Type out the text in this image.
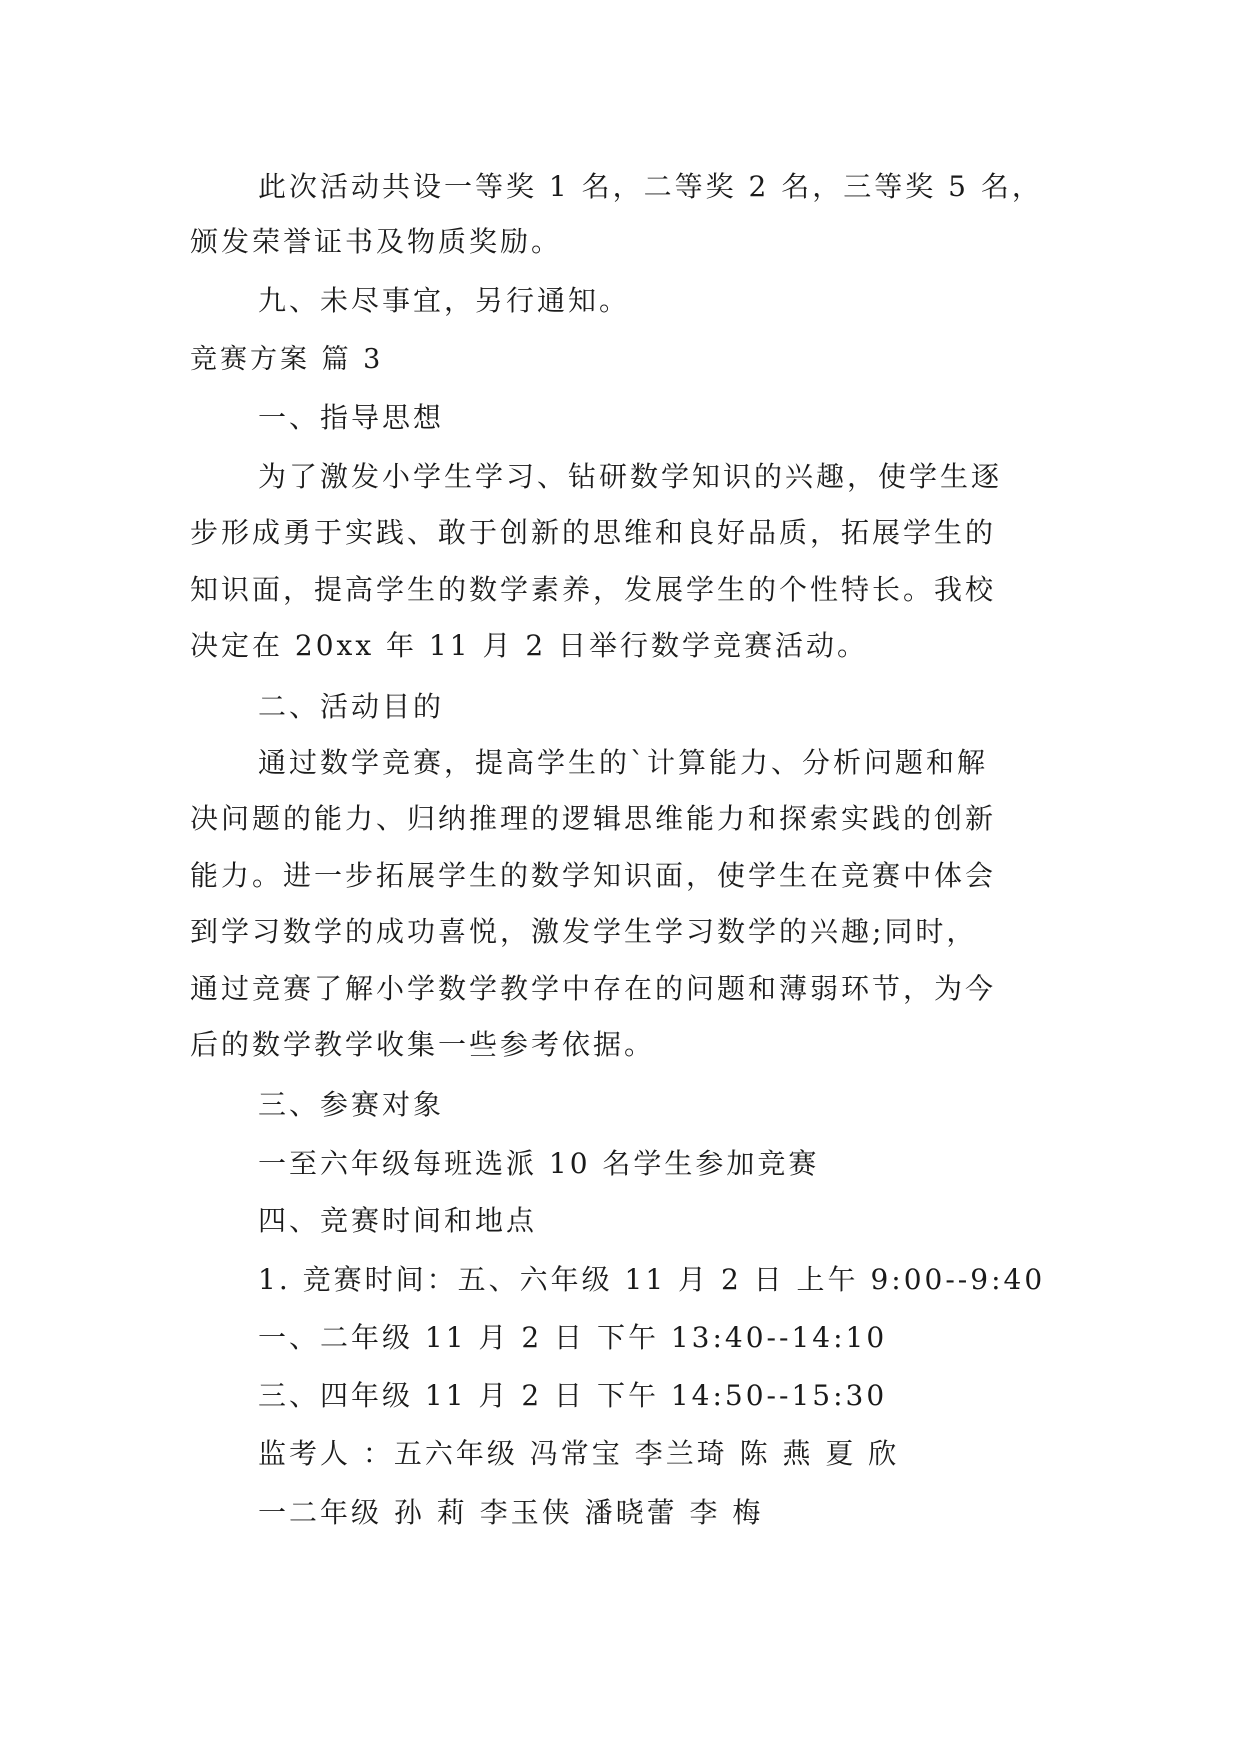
此次活动共设一等奖 1 名，二等奖 2 名，三等奖 5 名，
颁发荣誉证书及物质奖励。
九、未尽事宜，另行通知。
竞赛方案 篇 3
一、指导思想
为了激发小学生学习、钻研数学知识的兴趣，使学生逐
步形成勇于实践、敢于创新的思维和良好品质，拓展学生的
知识面，提高学生的数学素养，发展学生的个性特长。我校
决定在 20xx 年 11 月 2 日举行数学竞赛活动。
二、活动目的
通过数学竞赛，提高学生的`计算能力、分析问题和解
决问题的能力、归纳推理的逻辑思维能力和探索实践的创新
能力。进一步拓展学生的数学知识面，使学生在竞赛中体会
到学习数学的成功喜悦，激发学生学习数学的兴趣;同时，
通过竞赛了解小学数学教学中存在的问题和薄弱环节，为今
后的数学教学收集一些参考依据。
三、参赛对象
一至六年级每班选派 10 名学生参加竞赛
四、竞赛时间和地点
1. 竞赛时间：五、六年级 11 月 2 日 上午 9:00--9:40
一、二年级 11 月 2 日 下午 13:40--14:10
三、四年级 11 月 2 日 下午 14:50--15:30
监考人 ：五六年级 冯常宝 李兰琦 陈 燕 夏 欣
一二年级 孙 莉 李玉侠 潘晓蕾 李 梅
